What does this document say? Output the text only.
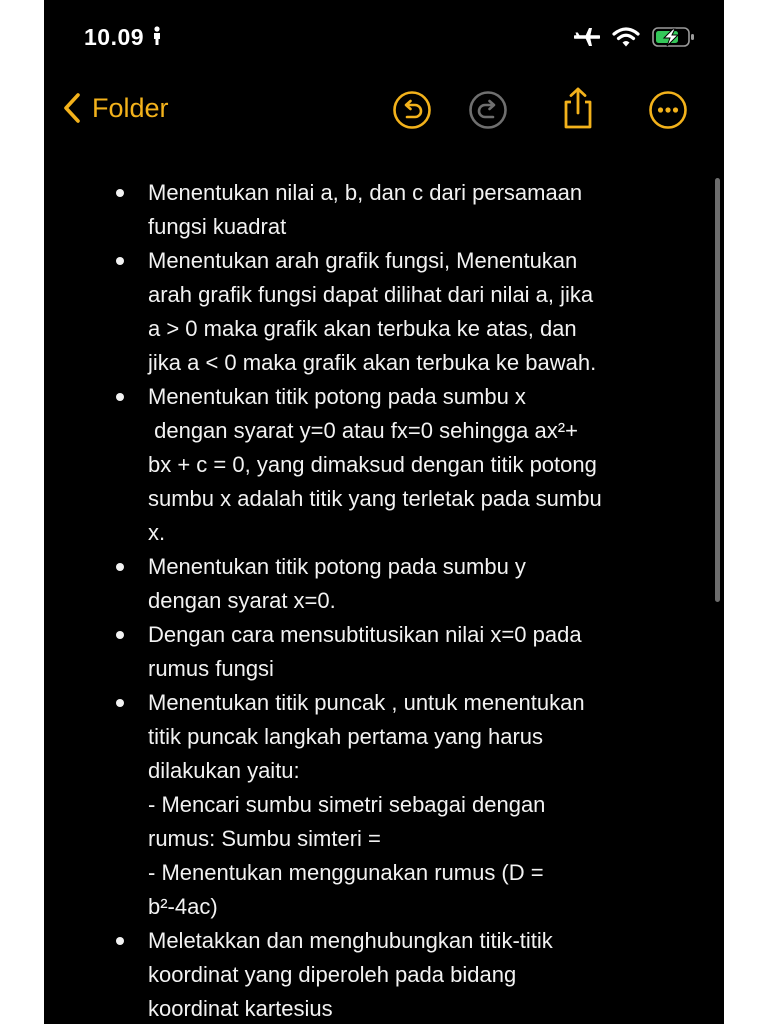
10.09
Folder
Menentukan nilai a, b, dan c dari persamaan
fungsi kuadrat
Menentukan arah grafik fungsi, Menentukan
arah grafik fungsi dapat dilihat dari nilai a, jika
a > 0 maka grafik akan terbuka ke atas, dan
jika a < 0 maka grafik akan terbuka ke bawah.
Menentukan titik potong pada sumbu x
dengan syarat y=0 atau fx=0 sehingga ax²+
bx + c = 0, yang dimaksud dengan titik potong
sumbu x adalah titik yang terletak pada sumbu
x.
Menentukan titik potong pada sumbu y
dengan syarat x=0.
Dengan cara mensubtitusikan nilai x=0 pada
rumus fungsi
Menentukan titik puncak , untuk menentukan
titik puncak langkah pertama yang harus
dilakukan yaitu:
- Mencari sumbu simetri sebagai dengan
rumus: Sumbu simteri =
- Menentukan menggunakan rumus (D =
b²-4ac)
Meletakkan dan menghubungkan titik-titik
koordinat yang diperoleh pada bidang
koordinat kartesius
